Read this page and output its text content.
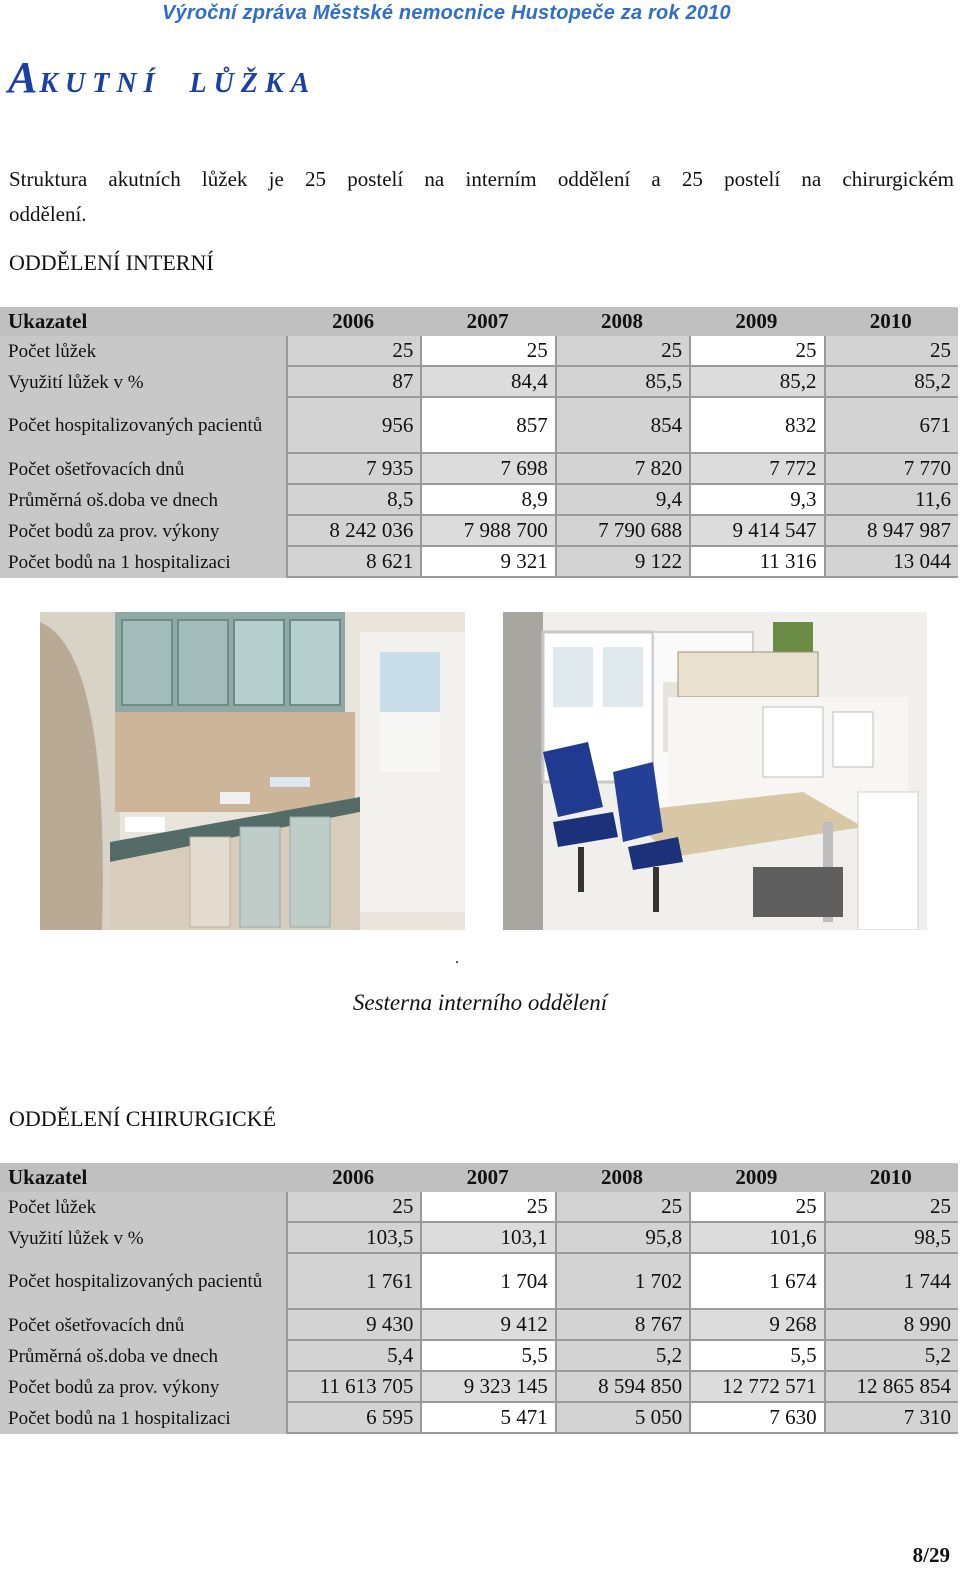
Výroční zpráva Městské nemocnice Hustopeče za rok 2010
AKUTNÍ LŮŽKA

Struktura akutních lůžek je 25 postelí na interním oddělení a 25 postelí na chirurgickém

oddělení.

ODDĚLENÍ INTERNÍ
Ukazatel	2006	2007	2008	2009	2010
Počet lůžek	25	25	25	25	25
Využití lůžek v %	87	84,4	85,5	85,2	85,2
Počet hospitalizovaných pacientů	956	857	854	832	671
Počet ošetřovacích dnů	7 935	7 698	7 820	7 772	7 770
Průměrná oš.doba ve dnech	8,5	8,9	9,4	9,3	11,6
Počet bodů za prov. výkony	8 242 036	7 988 700	7 790 688	9 414 547	8 947 987
Počet bodů na 1 hospitalizaci	8 621	9 321	9 122	11 316	13 044
.
Sesterna interního oddělení
ODDĚLENÍ CHIRURGICKÉ
Ukazatel	2006	2007	2008	2009	2010
Počet lůžek	25	25	25	25	25
Využití lůžek v %	103,5	103,1	95,8	101,6	98,5
Počet hospitalizovaných pacientů	1 761	1 704	1 702	1 674	1 744
Počet ošetřovacích dnů	9 430	9 412	8 767	9 268	8 990
Průměrná oš.doba ve dnech	5,4	5,5	5,2	5,5	5,2
Počet bodů za prov. výkony	11 613 705	9 323 145	8 594 850	12 772 571	12 865 854
Počet bodů na 1 hospitalizaci	6 595	5 471	5 050	7 630	7 310
8/29
